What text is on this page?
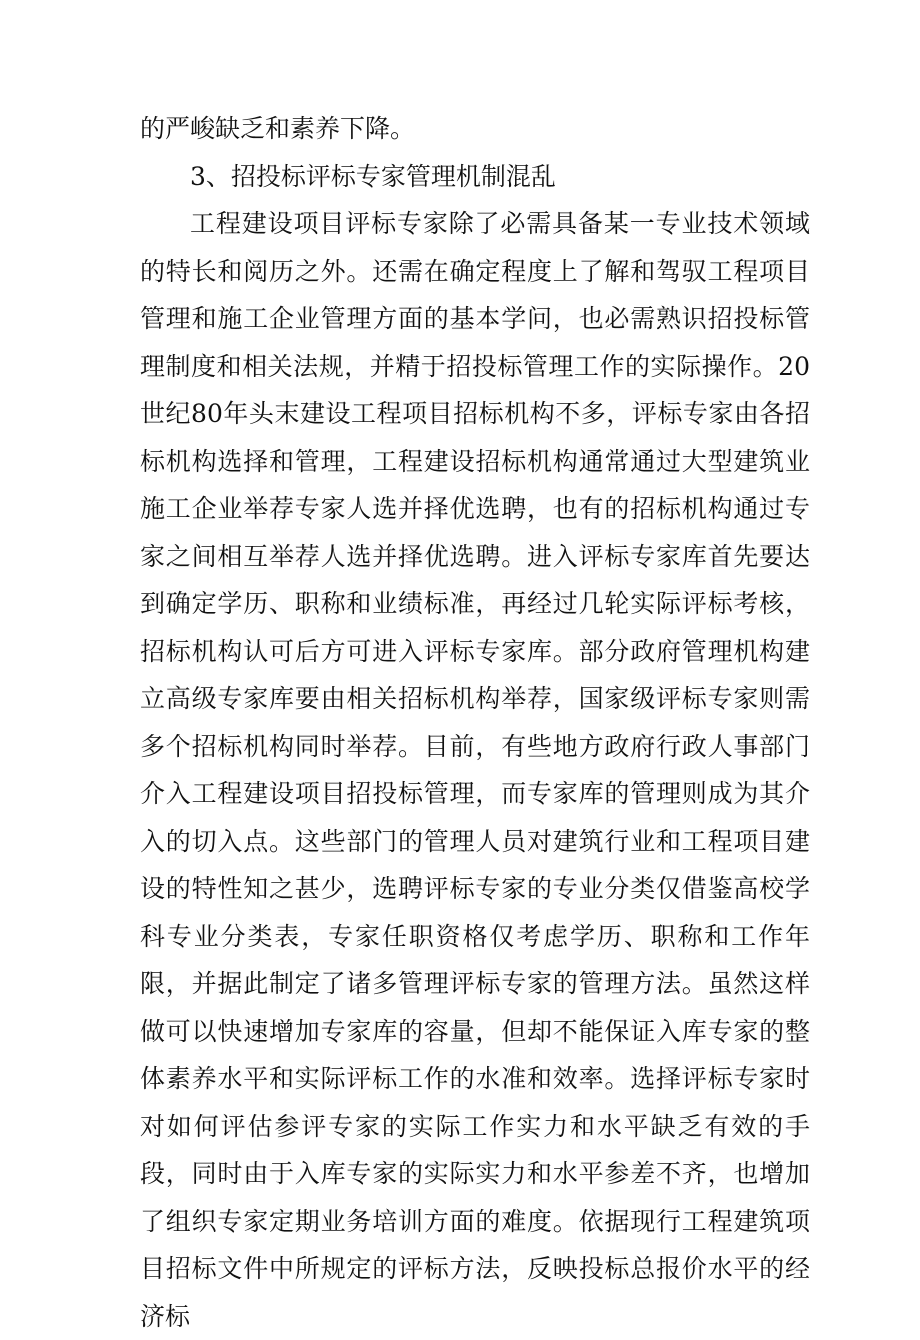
的严峻缺乏和素养下降。

3、招投标评标专家管理机制混乱

工程建设项目评标专家除了必需具备某一专业技术领域的特长和阅历之外。还需在确定程度上了解和驾驭工程项目管理和施工企业管理方面的基本学问，也必需熟识招投标管理制度和相关法规，并精于招投标管理工作的实际操作。20世纪80年头末建设工程项目招标机构不多，评标专家由各招标机构选择和管理，工程建设招标机构通常通过大型建筑业施工企业举荐专家人选并择优选聘，也有的招标机构通过专家之间相互举荐人选并择优选聘。进入评标专家库首先要达到确定学历、职称和业绩标准，再经过几轮实际评标考核，招标机构认可后方可进入评标专家库。部分政府管理机构建立高级专家库要由相关招标机构举荐，国家级评标专家则需多个招标机构同时举荐。目前，有些地方政府行政人事部门介入工程建设项目招投标管理，而专家库的管理则成为其介入的切入点。这些部门的管理人员对建筑行业和工程项目建设的特性知之甚少，选聘评标专家的专业分类仅借鉴高校学科专业分类表，专家任职资格仅考虑学历、职称和工作年限，并据此制定了诸多管理评标专家的管理方法。虽然这样做可以快速增加专家库的容量，但却不能保证入库专家的整体素养水平和实际评标工作的水准和效率。选择评标专家时对如何评估参评专家的实际工作实力和水平缺乏有效的手段，同时由于入库专家的实际实力和水平参差不齐，也增加了组织专家定期业务培训方面的难度。依据现行工程建筑项目招标文件中所规定的评标方法，反映投标总报价水平的经济标
